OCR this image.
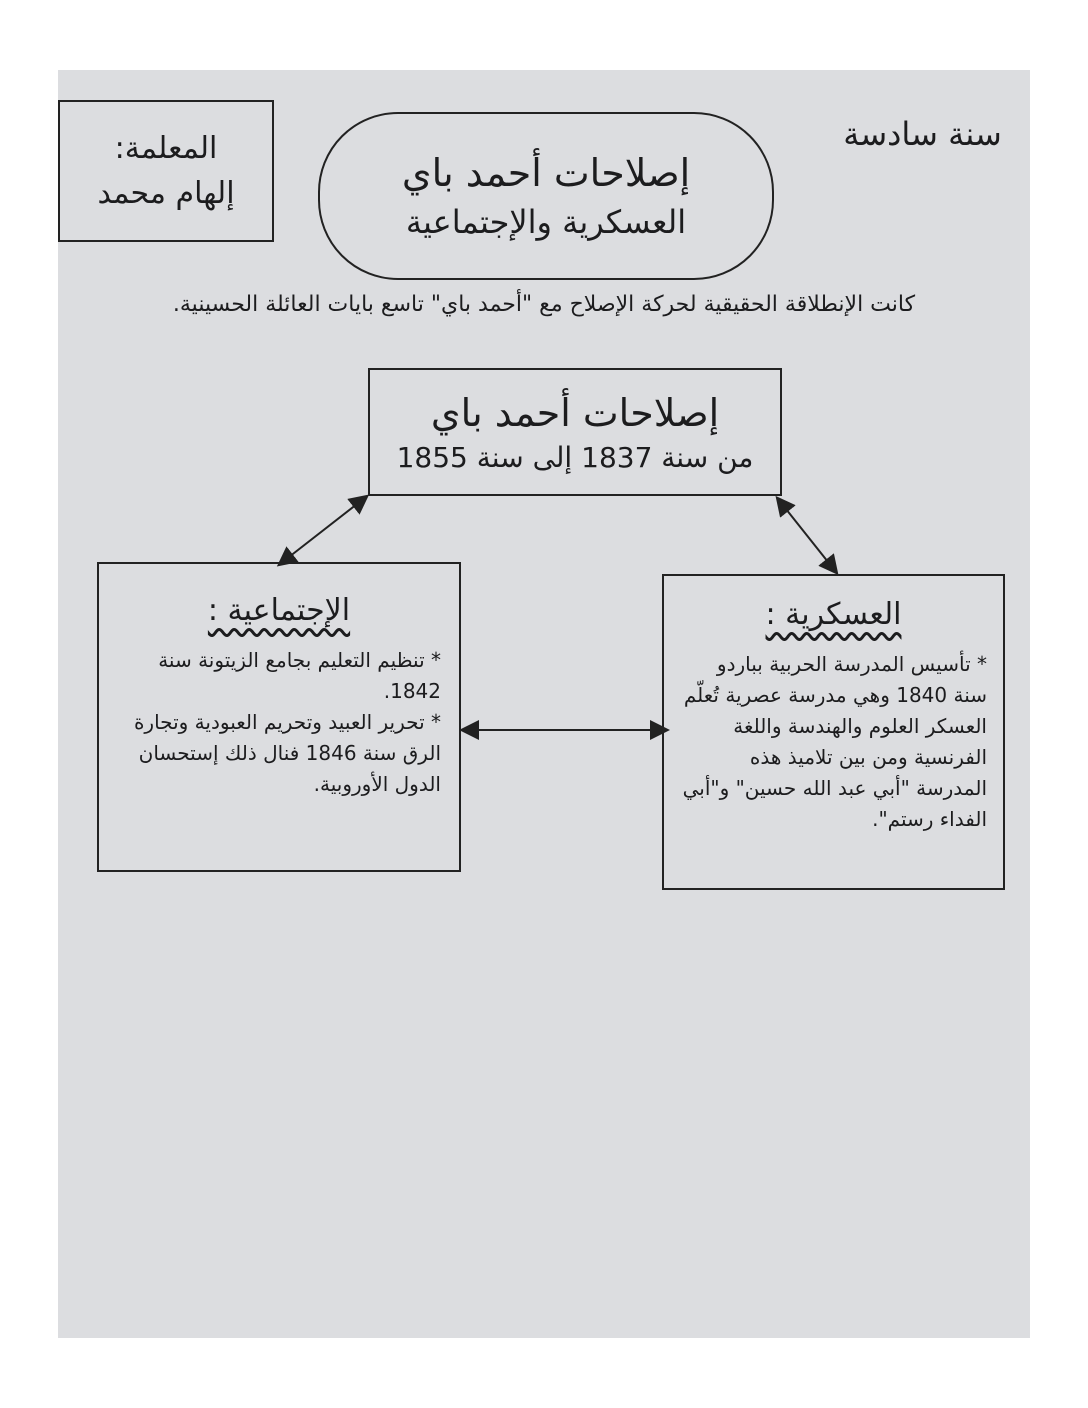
المعلمة:
إلهام محمد	إصلاحات أحمد باي
العسكرية والإجتماعية
سنة سادسة
كانت الإنطلاقة الحقيقية لحركة الإصلاح مع "أحمد باي" تاسع بايات العائلة الحسينية.
إصلاحات أحمد باي
من سنة 1837 إلى سنة 1855
الإجتماعية :
* تنظيم التعليم بجامع الزيتونة سنة 1842.
* تحرير العبيد وتحريم العبودية وتجارة الرق سنة 1846 فنال ذلك إستحسان الدول الأوروبية.
العسكرية :
* تأسيس المدرسة الحربية بباردو سنة 1840 وهي مدرسة عصرية تُعلّم العسكر العلوم والهندسة واللغة الفرنسية ومن بين تلاميذ هذه المدرسة "أبي عبد الله حسين" و"أبي الفداء رستم".
